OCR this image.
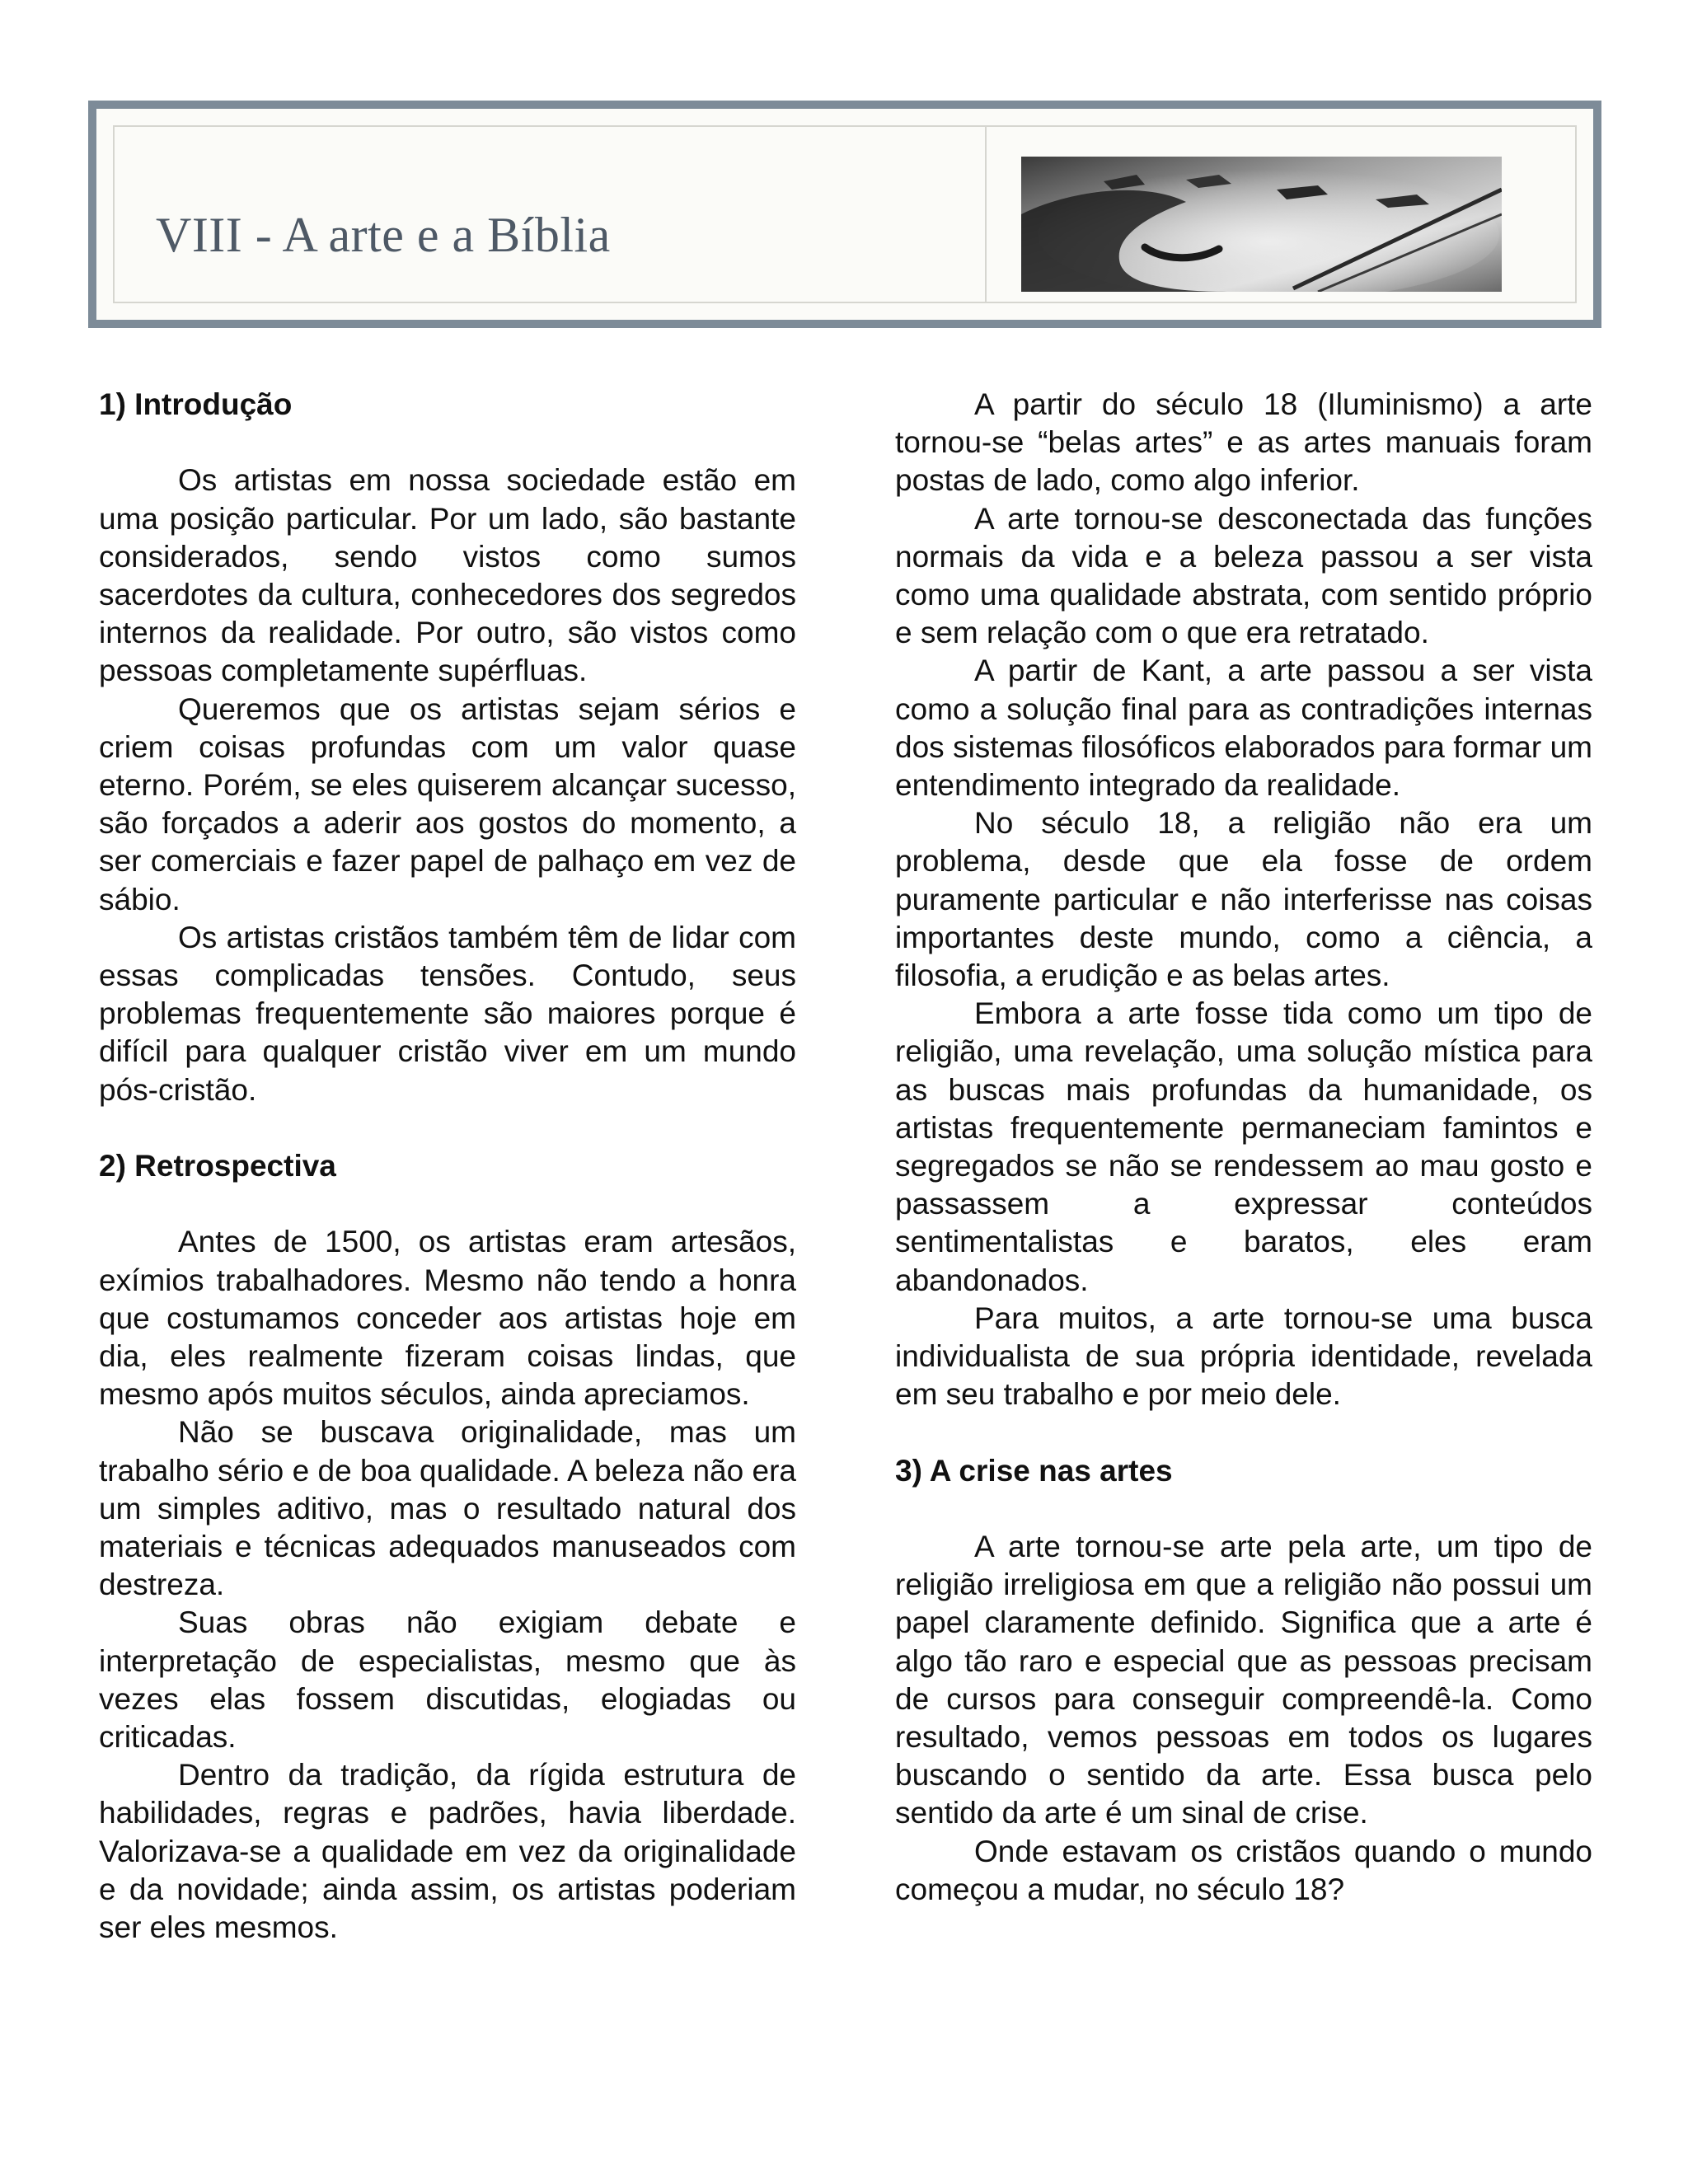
VIII - A arte e a Bíblia
1) Introdução

Os artistas em nossa sociedade estão em uma posição particular. Por um lado, são bastante considerados, sendo vistos como sumos sacerdotes da cultura, conhecedores dos segredos internos da realidade. Por outro, são vistos como pessoas completamente supérfluas.

Queremos que os artistas sejam sérios e criem coisas profundas com um valor quase eterno. Porém, se eles quiserem alcançar sucesso, são forçados a aderir aos gostos do momento, a ser comerciais e fazer papel de palhaço em vez de sábio.

Os artistas cristãos também têm de lidar com essas complicadas tensões. Contudo, seus problemas frequentemente são maiores porque é difícil para qualquer cristão viver em um mundo pós-cristão.

2) Retrospectiva

Antes de 1500, os artistas eram artesãos, exímios trabalhadores. Mesmo não tendo a honra que costumamos conceder aos artistas hoje em dia, eles realmente fizeram coisas lindas, que mesmo após muitos séculos, ainda apreciamos.

Não se buscava originalidade, mas um trabalho sério e de boa qualidade. A beleza não era um simples aditivo, mas o resultado natural dos materiais e técnicas adequados manuseados com destreza.

Suas obras não exigiam debate e interpretação de especialistas, mesmo que às vezes elas fossem discutidas, elogiadas ou criticadas.

Dentro da tradição, da rígida estrutura de habilidades, regras e padrões, havia liberdade. Valorizava-se a qualidade em vez da originalidade e da novidade; ainda assim, os artistas poderiam ser eles mesmos.

A partir do século 18 (Iluminismo) a arte tornou-se “belas artes” e as artes manuais foram postas de lado, como algo inferior.

A arte tornou-se desconectada das funções normais da vida e a beleza passou a ser vista como uma qualidade abstrata, com sentido próprio e sem relação com o que era retratado.

A partir de Kant, a arte passou a ser vista como a solução final para as contradições internas dos sistemas filosóficos elaborados para formar um entendimento integrado da realidade.

No século 18, a religião não era um problema, desde que ela fosse de ordem puramente particular e não interferisse nas coisas importantes deste mundo, como a ciência, a filosofia, a erudição e as belas artes.

Embora a arte fosse tida como um tipo de religião, uma revelação, uma solução mística para as buscas mais profundas da humanidade, os artistas frequentemente permaneciam famintos e segregados se não se rendessem ao mau gosto e passassem a expressar conteúdos sentimentalistas e baratos, eles eram abandonados.

Para muitos, a arte tornou-se uma busca individualista de sua própria identidade, revelada em seu trabalho e por meio dele.

3) A crise nas artes

A arte tornou-se arte pela arte, um tipo de religião irreligiosa em que a religião não possui um papel claramente definido. Significa que a arte é algo tão raro e especial que as pessoas precisam de cursos para conseguir compreendê-la. Como resultado, vemos pessoas em todos os lugares buscando o sentido da arte. Essa busca pelo sentido da arte é um sinal de crise.

Onde estavam os cristãos quando o mundo começou a mudar, no século 18?
